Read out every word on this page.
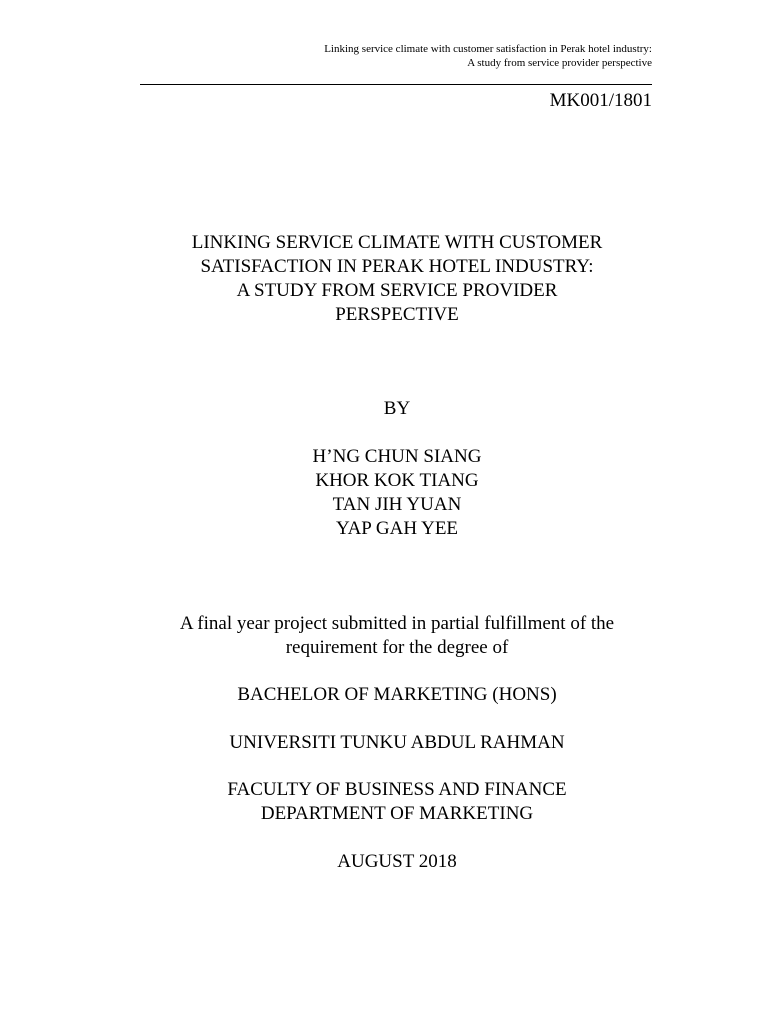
Linking service climate with customer satisfaction in Perak hotel industry:
A study from service provider perspective
MK001/1801
LINKING SERVICE CLIMATE WITH CUSTOMER
SATISFACTION IN PERAK HOTEL INDUSTRY:
A STUDY FROM SERVICE PROVIDER
PERSPECTIVE
BY
H’NG CHUN SIANG
KHOR KOK TIANG
TAN JIH YUAN
YAP GAH YEE
A final year project submitted in partial fulfillment of the
requirement for the degree of
BACHELOR OF MARKETING (HONS)
UNIVERSITI TUNKU ABDUL RAHMAN
FACULTY OF BUSINESS AND FINANCE
DEPARTMENT OF MARKETING
AUGUST 2018
